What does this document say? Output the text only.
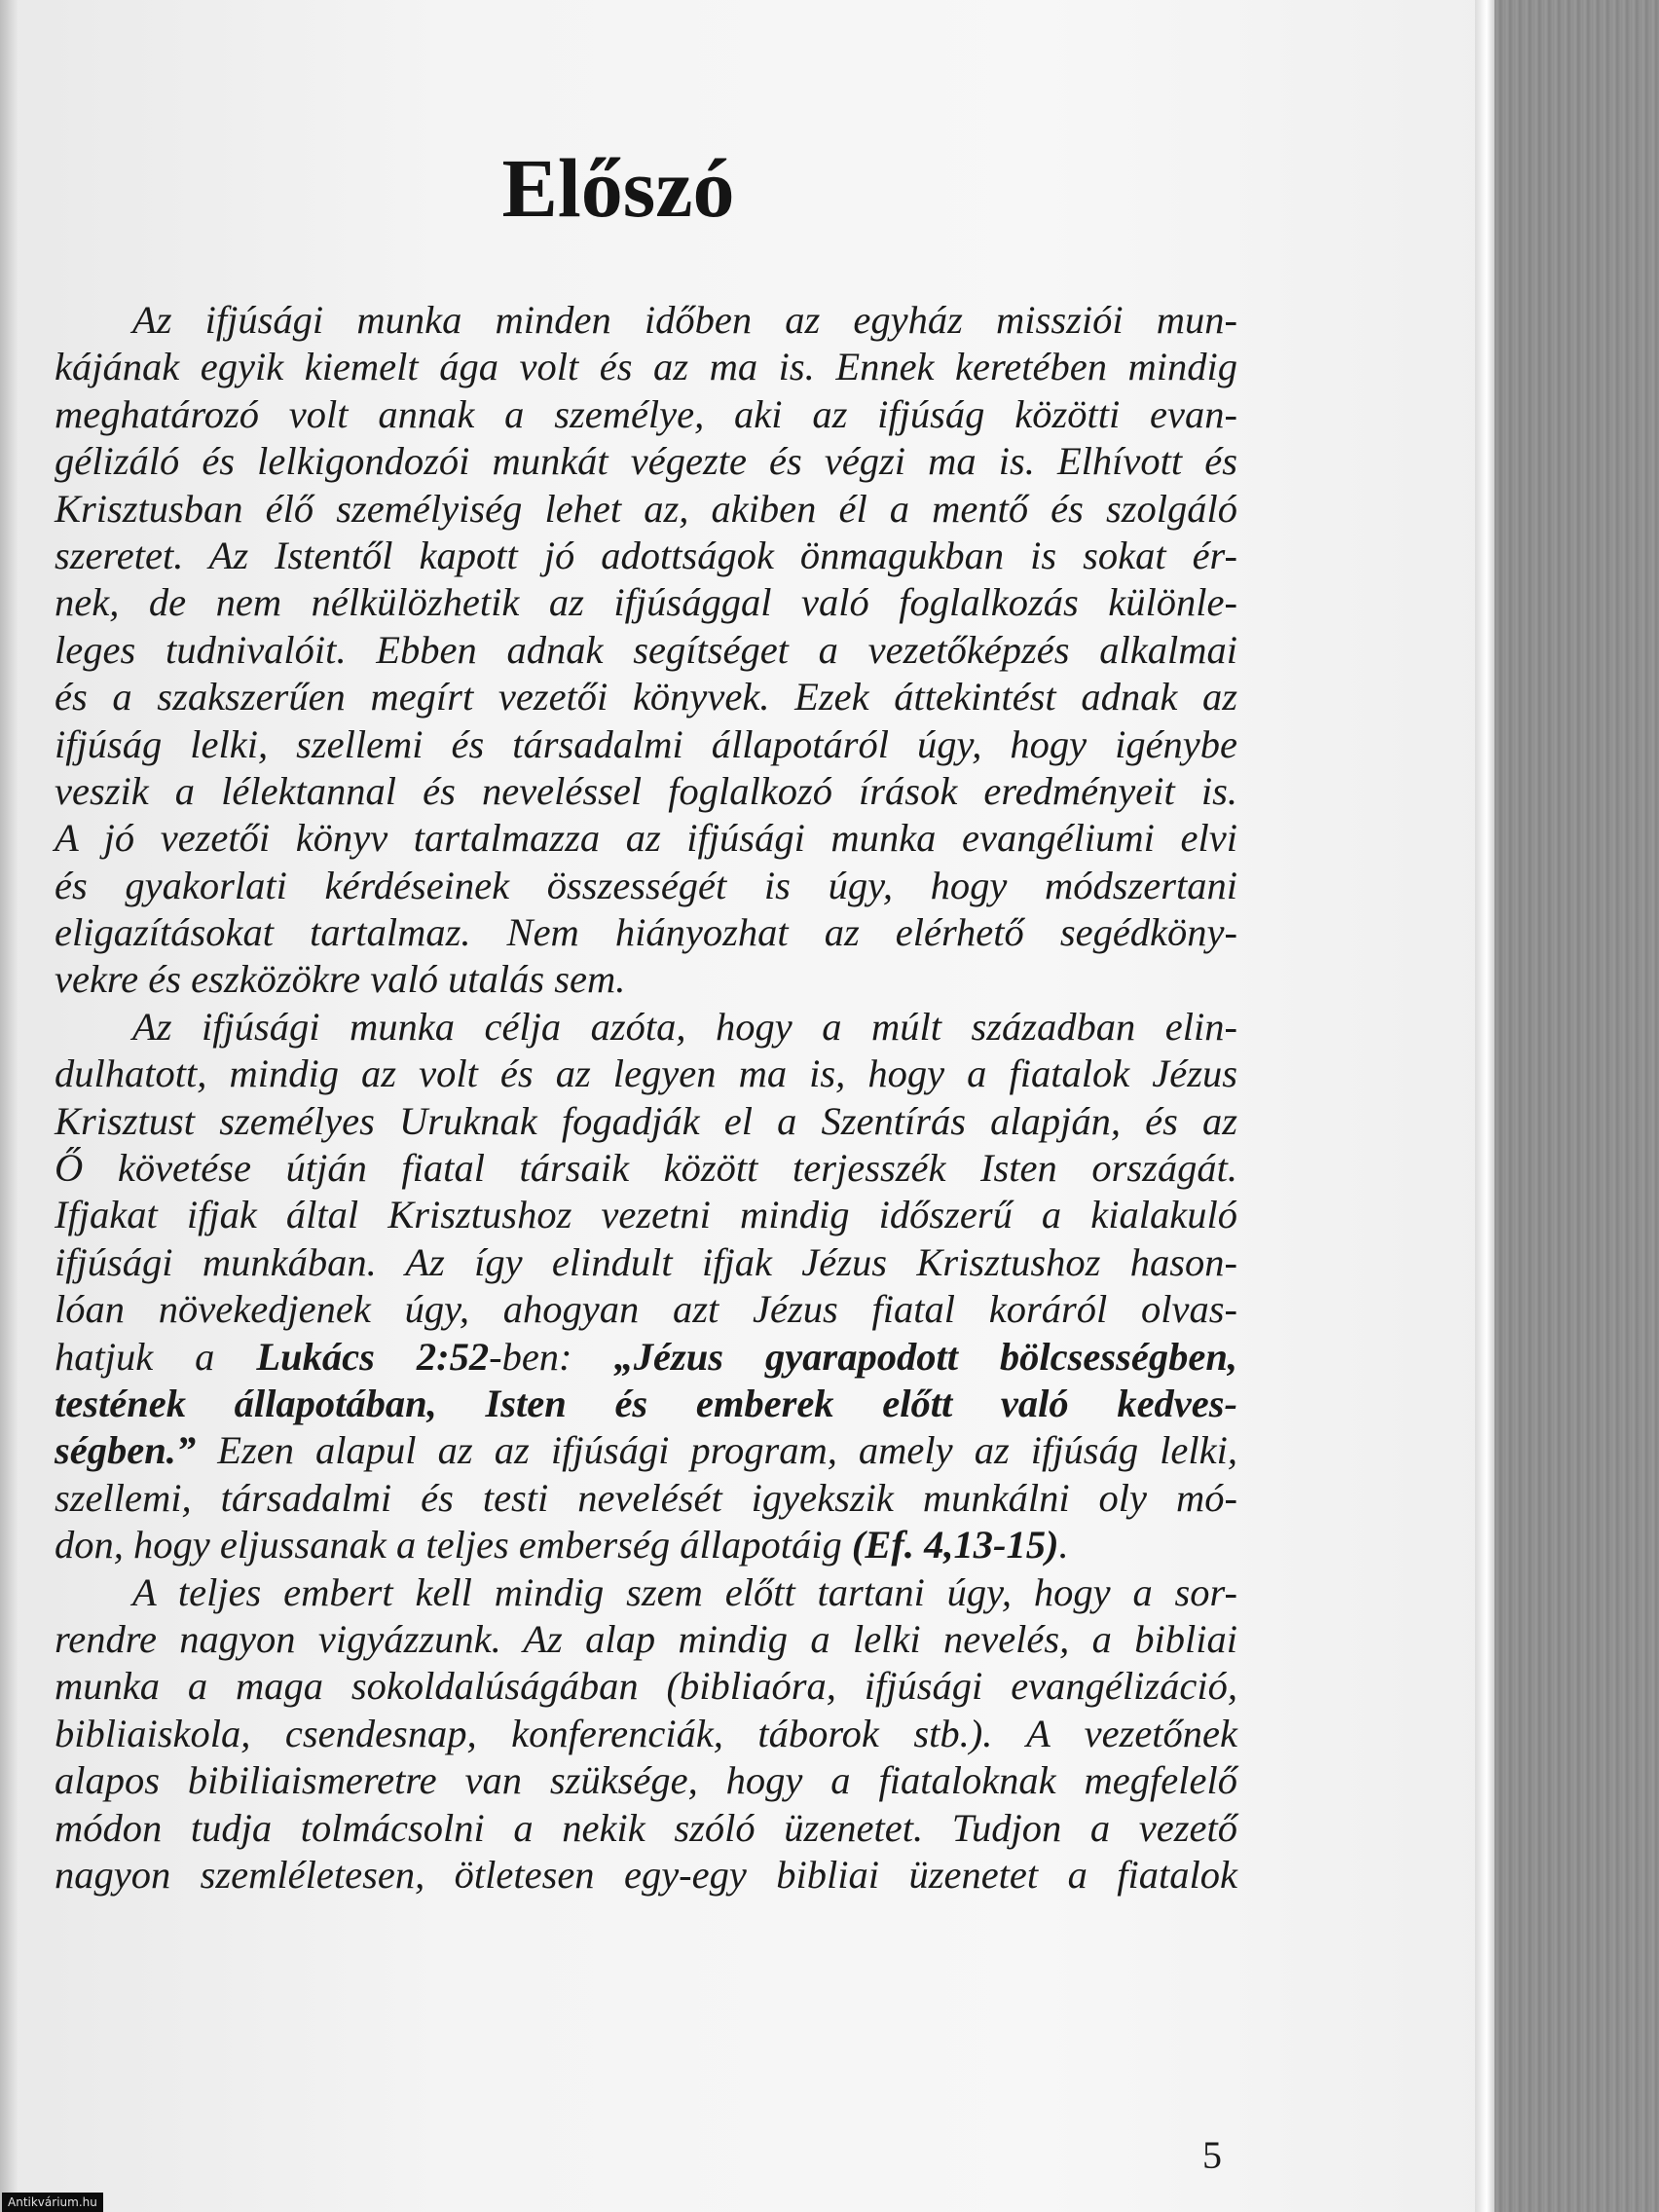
Előszó
Az ifjúsági munka minden időben az egyház missziói mun-
kájának egyik kiemelt ága volt és az ma is. Ennek keretében mindig
meghatározó volt annak a személye, aki az ifjúság közötti evan-
gélizáló és lelkigondozói munkát végezte és végzi ma is. Elhívott és
Krisztusban élő személyiség lehet az, akiben él a mentő és szolgáló
szeretet. Az Istentől kapott jó adottságok önmagukban is sokat ér-
nek, de nem nélkülözhetik az ifjúsággal való foglalkozás különle-
leges tudnivalóit. Ebben adnak segítséget a vezetőképzés alkalmai
és a szakszerűen megírt vezetői könyvek. Ezek áttekintést adnak az
ifjúság lelki, szellemi és társadalmi állapotáról úgy, hogy igénybe
veszik a lélektannal és neveléssel foglalkozó írások eredményeit is.
A jó vezetői könyv tartalmazza az ifjúsági munka evangéliumi elvi
és gyakorlati kérdéseinek összességét is úgy, hogy módszertani
eligazításokat tartalmaz. Nem hiányozhat az elérhető segédköny-
vekre és eszközökre való utalás sem.
Az ifjúsági munka célja azóta, hogy a múlt században elin-
dulhatott, mindig az volt és az legyen ma is, hogy a fiatalok Jézus
Krisztust személyes Uruknak fogadják el a Szentírás alapján, és az
Ő követése útján fiatal társaik között terjesszék Isten országát.
Ifjakat ifjak által Krisztushoz vezetni mindig időszerű a kialakuló
ifjúsági munkában. Az így elindult ifjak Jézus Krisztushoz hason-
lóan növekedjenek úgy, ahogyan azt Jézus fiatal koráról olvas-
hatjuk a Lukács 2:52-ben: „Jézus gyarapodott bölcsességben,
testének állapotában, Isten és emberek előtt való kedves-
ségben.” Ezen alapul az az ifjúsági program, amely az ifjúság lelki,
szellemi, társadalmi és testi nevelését igyekszik munkálni oly mó-
don, hogy eljussanak a teljes emberség állapotáig (Ef. 4,13-15).
A teljes embert kell mindig szem előtt tartani úgy, hogy a sor-
rendre nagyon vigyázzunk. Az alap mindig a lelki nevelés, a bibliai
munka a maga sokoldalúságában (bibliaóra, ifjúsági evangélizáció,
bibliaiskola, csendesnap, konferenciák, táborok stb.). A vezetőnek
alapos bibiliaismeretre van szüksége, hogy a fiataloknak megfelelő
módon tudja tolmácsolni a nekik szóló üzenetet. Tudjon a vezető
nagyon szemléletesen, ötletesen egy-egy bibliai üzenetet a fiatalok
5
Antikvárium.hu
